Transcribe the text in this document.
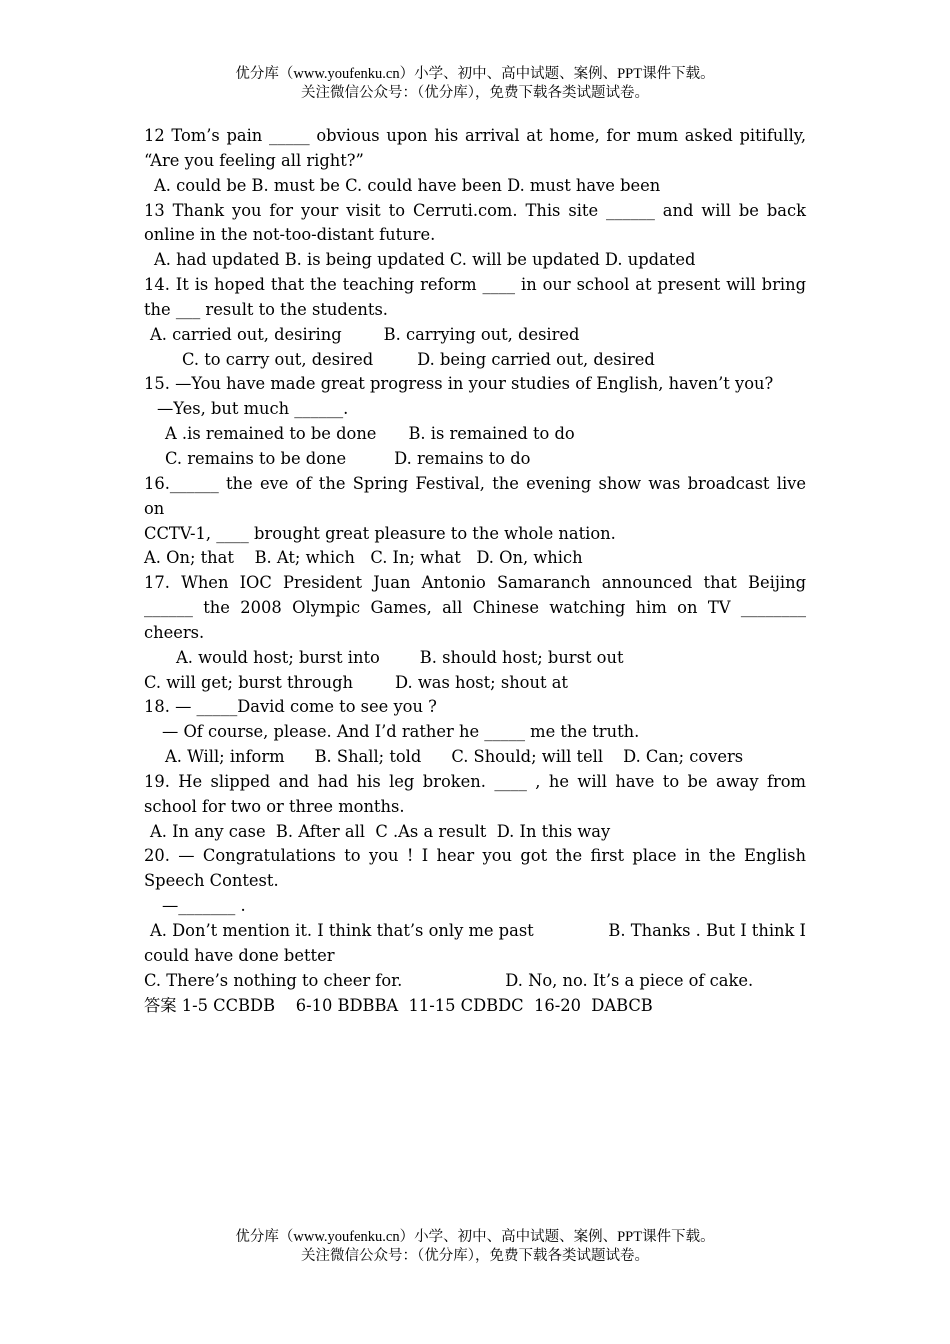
优分库（www.youfenku.cn）小学、初中、高中试题、案例、PPT课件下载。
关注微信公众号：（优分库），免费下载各类试题试卷。

12 Tom’s pain _____ obvious upon his arrival at home, for mum asked pitifully,

“Are you feeling all right?”

A. could be B. must be C. could have been D. must have been

13 Thank you for your visit to Cerruti.com. This site ______ and will be back

online in the not-too-distant future.

A. had updated B. is being updated C. will be updated D. updated

14. It is hoped that the teaching reform ____ in our school at present will bring

the ___ result to the students.

A. carried out, desiring	B. carrying out, desired

C. to carry out, desired	D. being carried out, desired

15. —You have made great progress in your studies of English, haven’t you?

—Yes, but much ______.

A .is remained to be done B. is remained to do

C. remains to be done	D. remains to do

16.______ the eve of the Spring Festival, the evening show was broadcast live on

CCTV-1, ____ brought great pleasure to the whole nation.

A. On; that    B. At; which   C. In; what   D. On, which

17. When IOC President Juan Antonio Samaranch announced that Beijing

______ the 2008 Olympic Games, all Chinese watching him on TV ________

cheers.

A. would host; burst into B. should host; burst out

C. will get; burst through	D. was host; shout at

18. — _____David come to see you ?

— Of course, please. And I’d rather he _____ me the truth.

A. Will; inform B. Shall; told C. Should; will tell D. Can; covers

19. He slipped and had his leg broken. ____ , he will have to be away from

school for two or three months.

A. In any case  B. After all  C .As a result  D. In this way

20. — Congratulations to you ! I hear you got the first place in the English

Speech Contest.

—_______ .

A. Don’t mention it. I think that’s only me past	B. Thanks . But I think I

could have done better

C. There’s nothing to cheer for.	D. No, no. It’s a piece of cake.

答案 1-5 CCBDB    6-10 BDBBA  11-15 CDBDC  16-20  DABCB

优分库（www.youfenku.cn）小学、初中、高中试题、案例、PPT课件下载。
关注微信公众号：（优分库），免费下载各类试题试卷。
